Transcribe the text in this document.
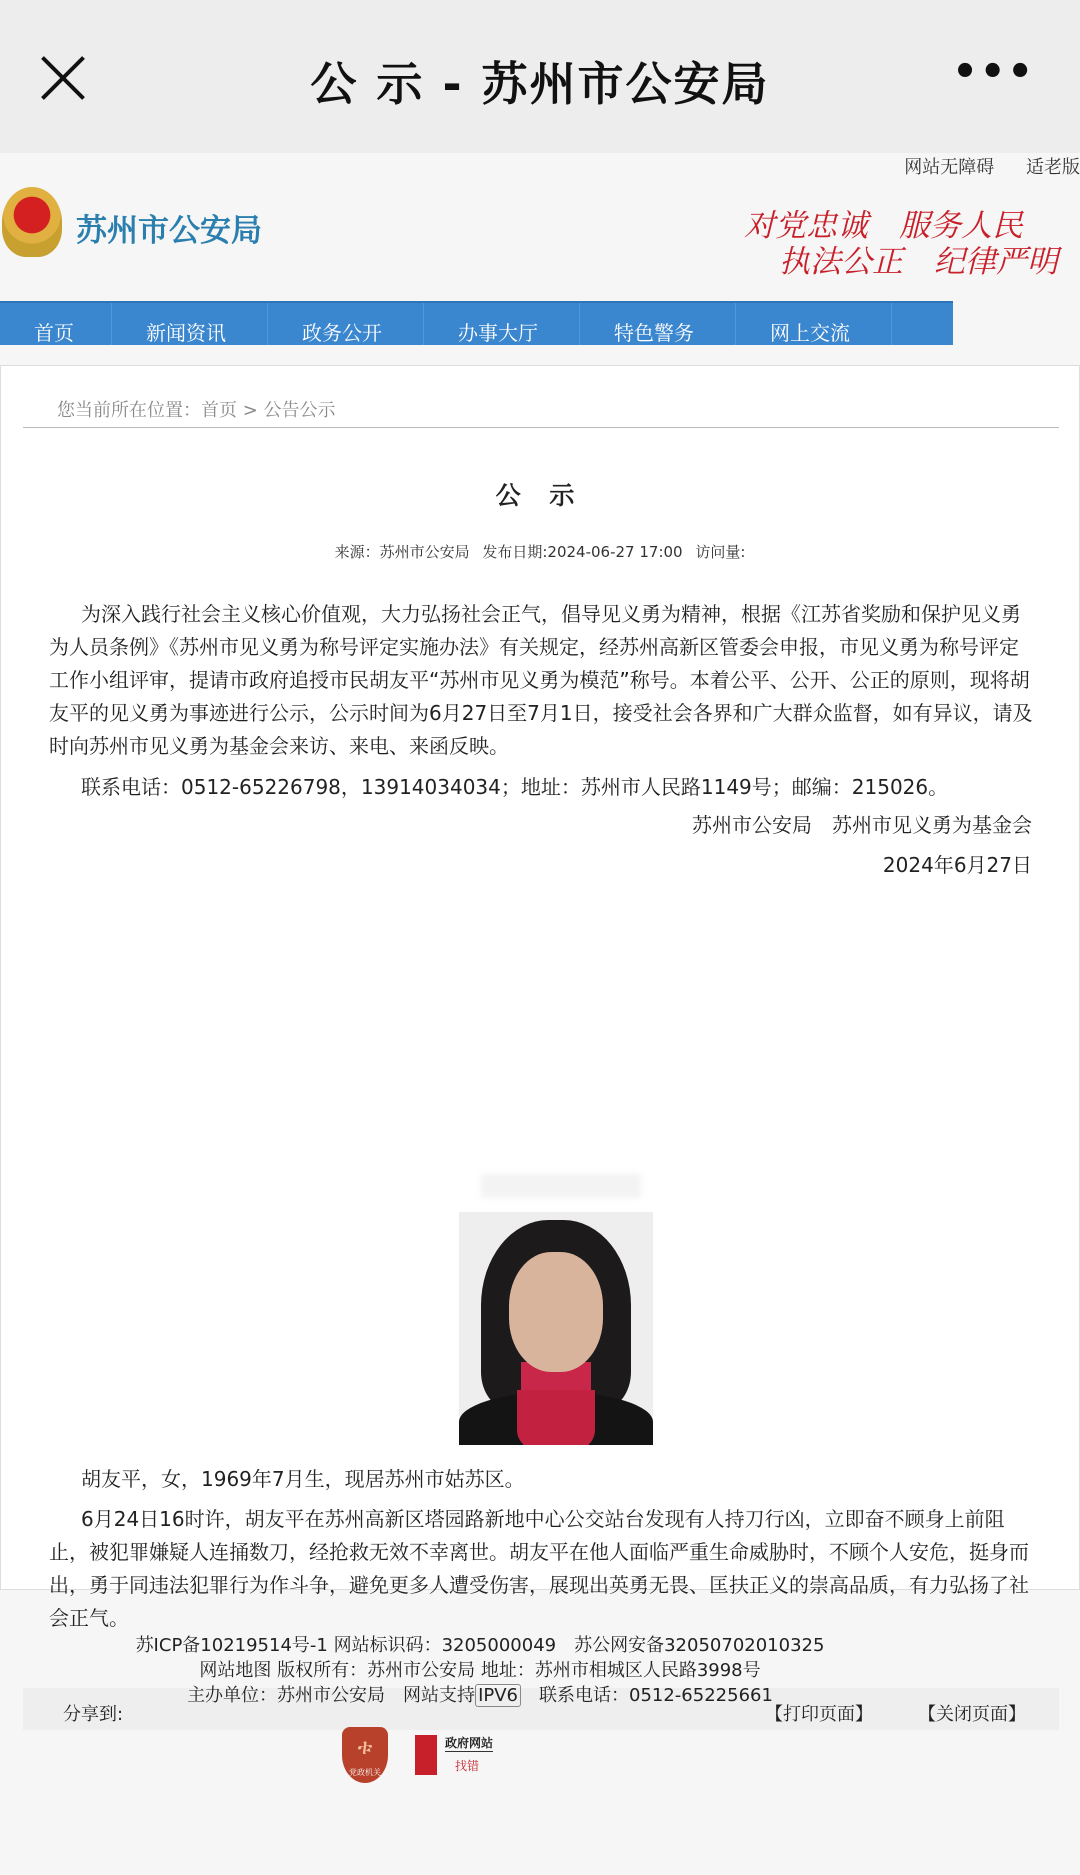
公 示 - 苏州市公安局	•••
网站无障碍 适老版
苏州市公安局	对党忠诚　服务人民
执法公正　纪律严明
首页	新闻资讯	政务公开	办事大厅	特色警务	网上交流
您当前所在位置：首页 > 公告公示
公 示
来源：苏州市公安局 发布日期:2024-06-27 17:00 访问量:
为深入践行社会主义核心价值观，大力弘扬社会正气，倡导见义勇为精神，根据《江苏省奖励和保护见义勇为人员条例》《苏州市见义勇为称号评定实施办法》有关规定，经苏州高新区管委会申报，市见义勇为称号评定工作小组评审，提请市政府追授市民胡友平“苏州市见义勇为模范”称号。本着公平、公开、公正的原则，现将胡友平的见义勇为事迹进行公示，公示时间为6月27日至7月1日，接受社会各界和广大群众监督，如有异议，请及时向苏州市见义勇为基金会来访、来电、来函反映。
联系电话：0512-65226798，13914034034；地址：苏州市人民路1149号；邮编：215026。
苏州市公安局　苏州市见义勇为基金会
2024年6月27日
胡友平，女，1969年7月生，现居苏州市姑苏区。
6月24日16时许，胡友平在苏州高新区塔园路新地中心公交站台发现有人持刀行凶，立即奋不顾身上前阻止，被犯罪嫌疑人连捅数刀，经抢救无效不幸离世。胡友平在他人面临严重生命威胁时，不顾个人安危，挺身而出，勇于同违法犯罪行为作斗争，避免更多人遭受伤害，展现出英勇无畏、匡扶正义的崇高品质，有力弘扬了社会正气。
分享到:	【打印页面】	【关闭页面】
苏ICP备10219514号-1 网站标识码：3205000049　苏公网安备32050702010325
网站地图 版权所有：苏州市公安局 地址：苏州市相城区人民路3998号
主办单位：苏州市公安局　网站支持 IPV6　联系电话：0512-65225661
ቱ
党政机关
政府网站
找错
